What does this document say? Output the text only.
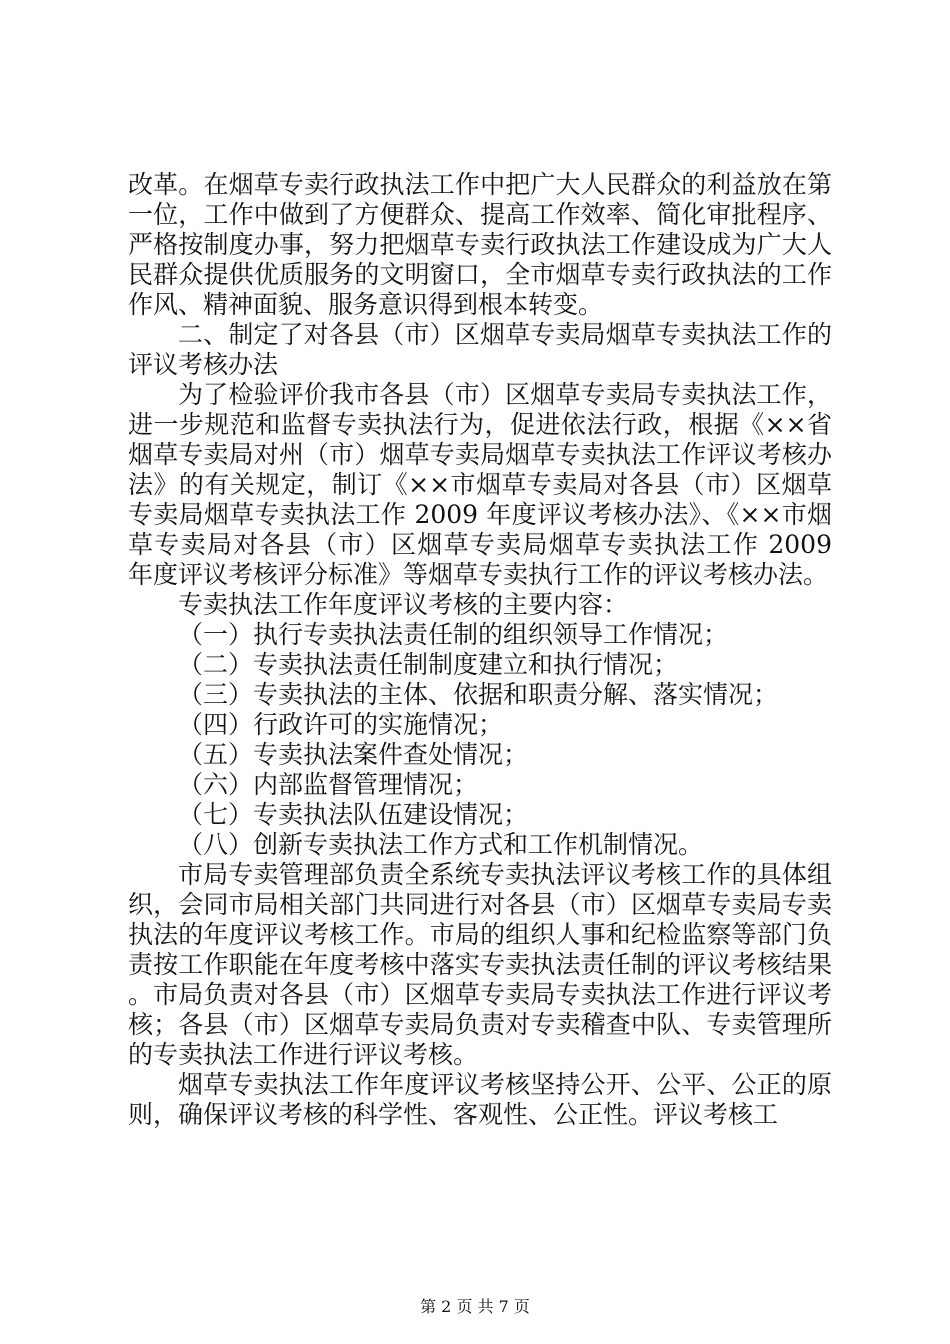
改革。在烟草专卖行政执法工作中把广大人民群众的利益放在第一位，工作中做到了方便群众、提高工作效率、简化审批程序、严格按制度办事，努力把烟草专卖行政执法工作建设成为广大人民群众提供优质服务的文明窗口，全市烟草专卖行政执法的工作作风、精神面貌、服务意识得到根本转变。

二、制定了对各县（市）区烟草专卖局烟草专卖执法工作的评议考核办法

为了检验评价我市各县（市）区烟草专卖局专卖执法工作，进一步规范和监督专卖执法行为，促进依法行政，根据《××省烟草专卖局对州（市）烟草专卖局烟草专卖执法工作评议考核办法》的有关规定，制订《××市烟草专卖局对各县（市）区烟草专卖局烟草专卖执法工作 2009 年度评议考核办法》、《××市烟草专卖局对各县（市）区烟草专卖局烟草专卖执法工作 2009 年度评议考核评分标准》等烟草专卖执行工作的评议考核办法。

专卖执法工作年度评议考核的主要内容：

（一）执行专卖执法责任制的组织领导工作情况；

（二）专卖执法责任制制度建立和执行情况；

（三）专卖执法的主体、依据和职责分解、落实情况；

（四）行政许可的实施情况；

（五）专卖执法案件查处情况；

（六）内部监督管理情况；

（七）专卖执法队伍建设情况；

（八）创新专卖执法工作方式和工作机制情况。

市局专卖管理部负责全系统专卖执法评议考核工作的具体组织，会同市局相关部门共同进行对各县（市）区烟草专卖局专卖执法的年度评议考核工作。市局的组织人事和纪检监察等部门负责按工作职能在年度考核中落实专卖执法责任制的评议考核结果。市局负责对各县（市）区烟草专卖局专卖执法工作进行评议考核；各县（市）区烟草专卖局负责对专卖稽查中队、专卖管理所的专卖执法工作进行评议考核。

烟草专卖执法工作年度评议考核坚持公开、公平、公正的原则，确保评议考核的科学性、客观性、公正性。评议考核工

第 2 页 共 7 页
